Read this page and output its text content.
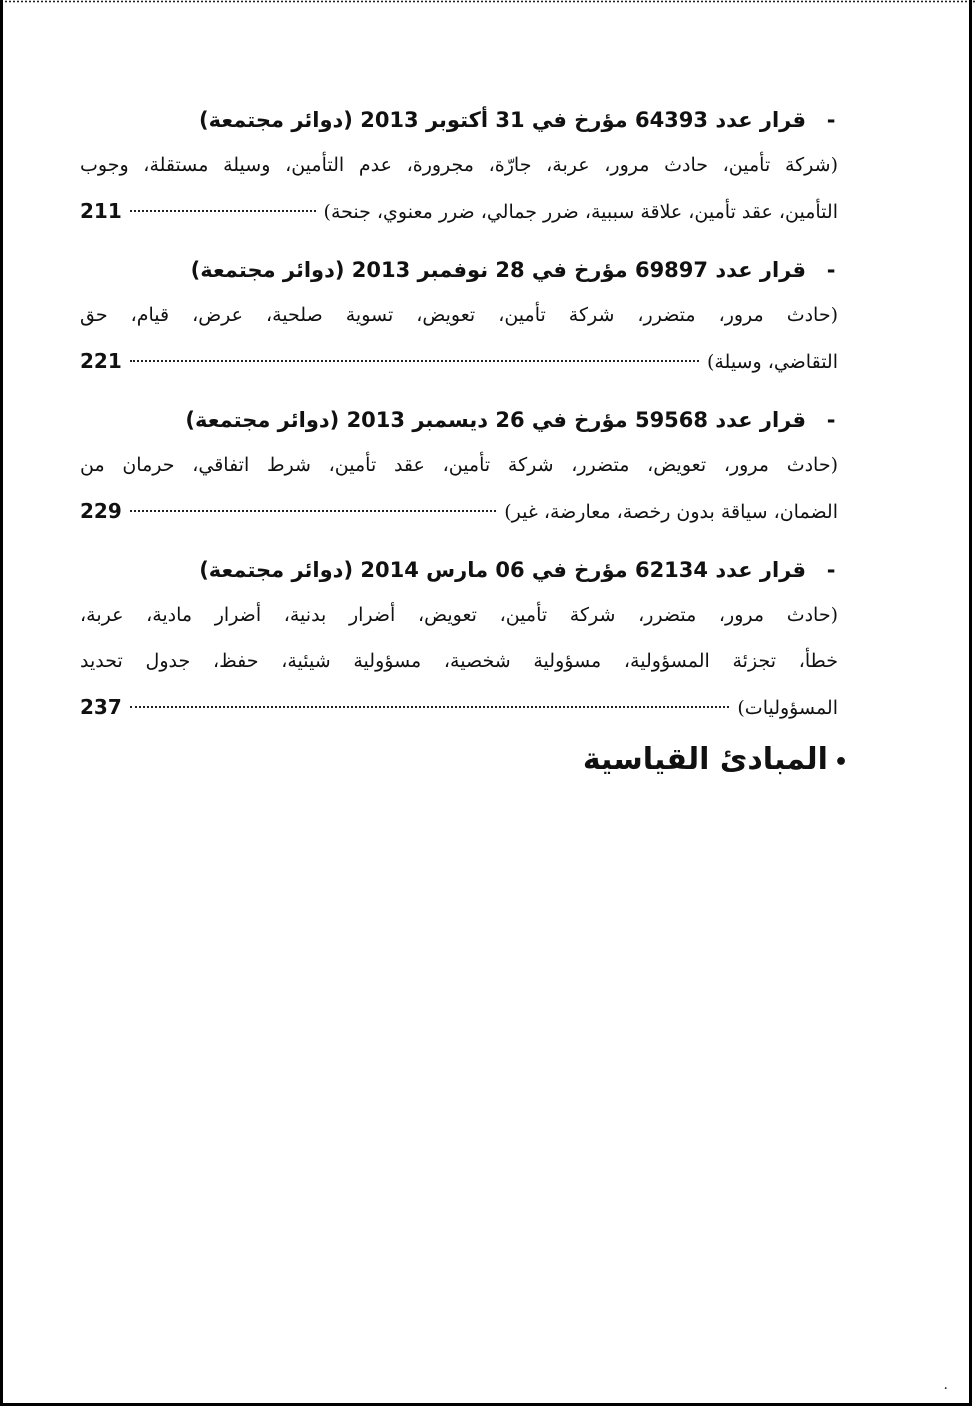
-
قرار عدد 64393 مؤرخ في 31 أكتوبر 2013 (دوائر مجتمعة)
(شركة تأمين، حادث مرور، عربة، جارّة، مجرورة، عدم التأمين، وسيلة مستقلة، وجوب
التأمين، عقد تأمين، علاقة سببية، ضرر جمالي، ضرر معنوي، جنحة)
211
-
قرار عدد 69897 مؤرخ في 28 نوفمبر 2013 (دوائر مجتمعة)
(حادث مرور، متضرر، شركة تأمين، تعويض، تسوية صلحية، عرض، قيام، حق
التقاضي، وسيلة)
221
-
قرار عدد 59568 مؤرخ في 26 ديسمبر 2013 (دوائر مجتمعة)
(حادث مرور، تعويض، متضرر، شركة تأمين، عقد تأمين، شرط اتفاقي، حرمان من
الضمان، سياقة بدون رخصة، معارضة، غير)
229
-
قرار عدد 62134 مؤرخ في 06 مارس 2014 (دوائر مجتمعة)
(حادث مرور، متضرر، شركة تأمين، تعويض، أضرار بدنية، أضرار مادية، عربة،
خطأ، تجزئة المسؤولية، مسؤولية شخصية، مسؤولية شيئية، حفظ، جدول تحديد
المسؤوليات)
237
•المبادئ القياسية
·
